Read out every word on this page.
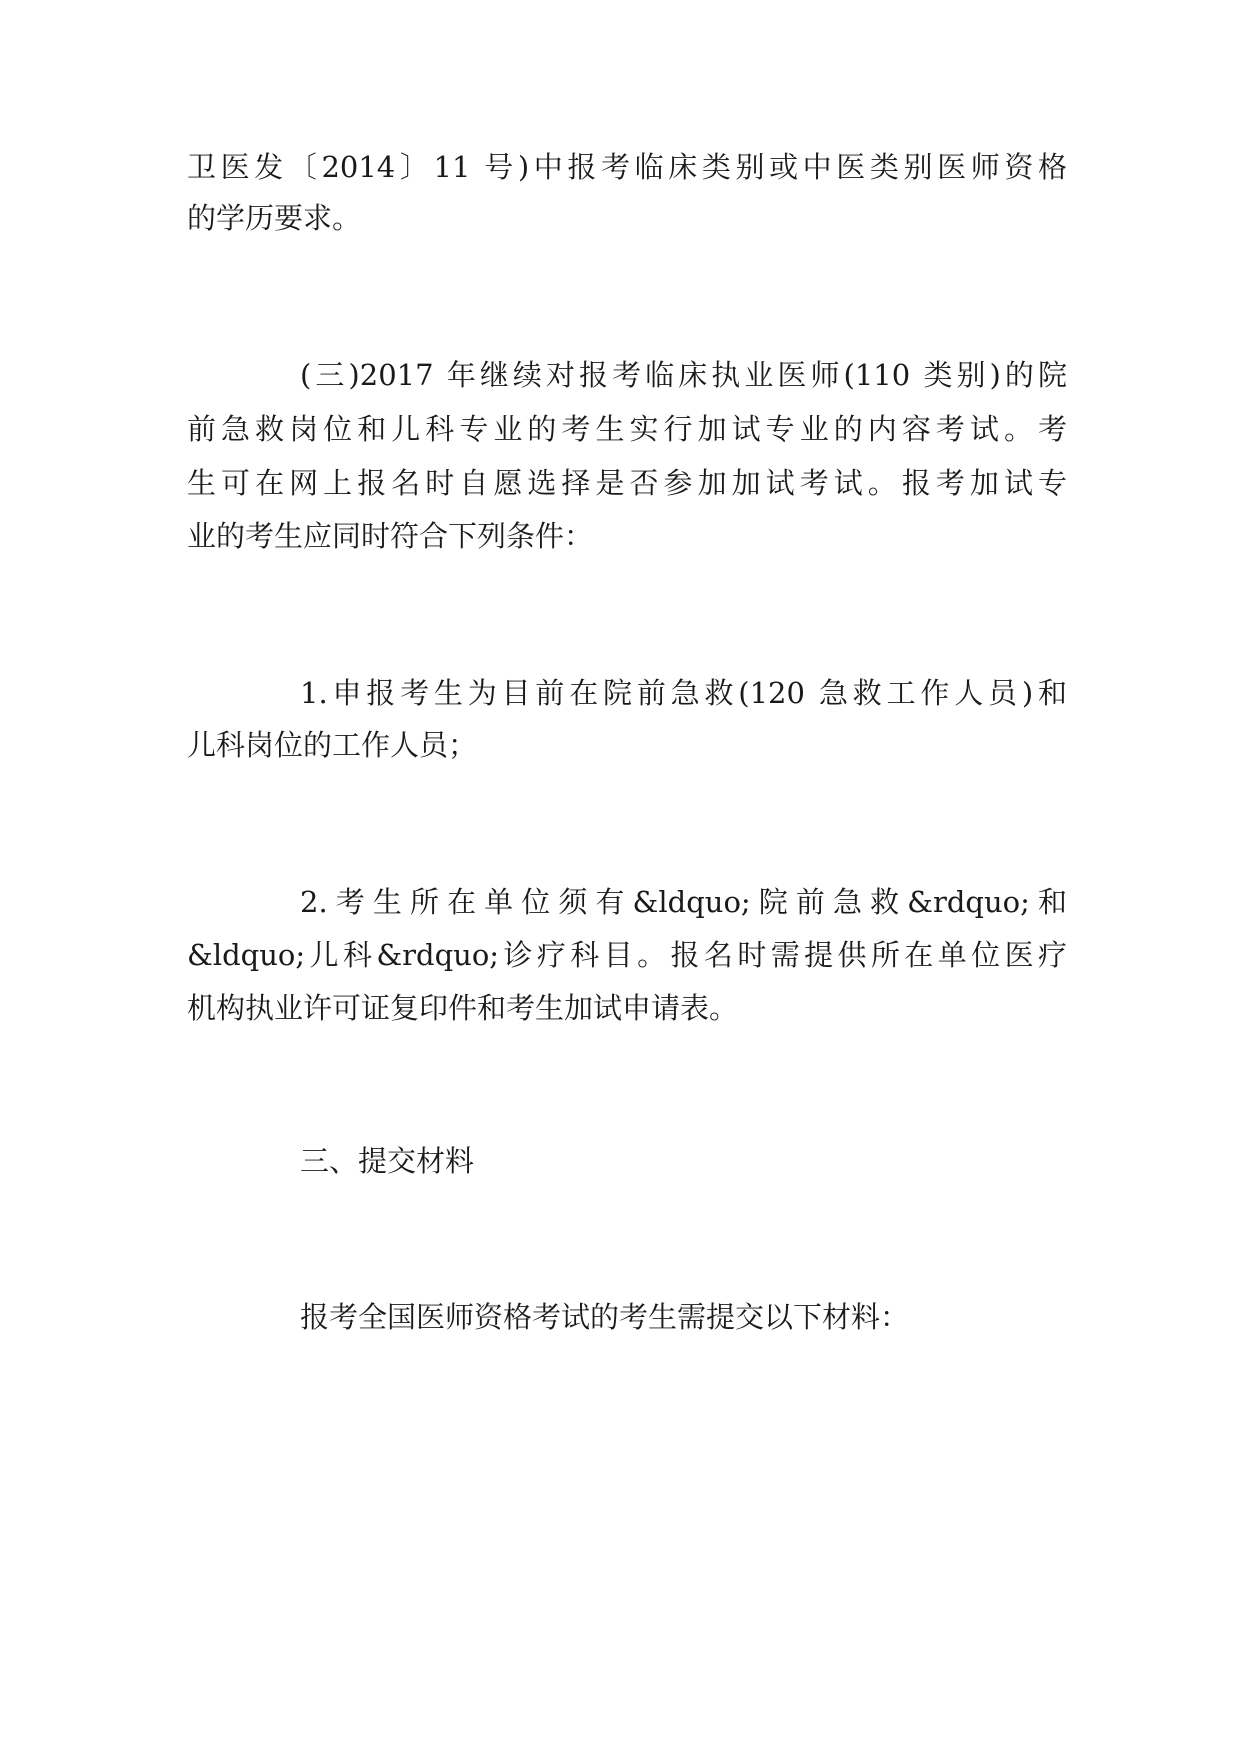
卫医发〔2014〕11 号)中报考临床类别或中医类别医师资格
的学历要求。
(三)2017 年继续对报考临床执业医师(110 类别)的院
前急救岗位和儿科专业的考生实行加试专业的内容考试。考
生可在网上报名时自愿选择是否参加加试考试。报考加试专
业的考生应同时符合下列条件：
1.申报考生为目前在院前急救(120 急救工作人员)和
儿科岗位的工作人员；
2.考生所在单位须有&ldquo;院前急救&rdquo;和
&ldquo;儿科&rdquo;诊疗科目。报名时需提供所在单位医疗
机构执业许可证复印件和考生加试申请表。
三、提交材料
报考全国医师资格考试的考生需提交以下材料：
